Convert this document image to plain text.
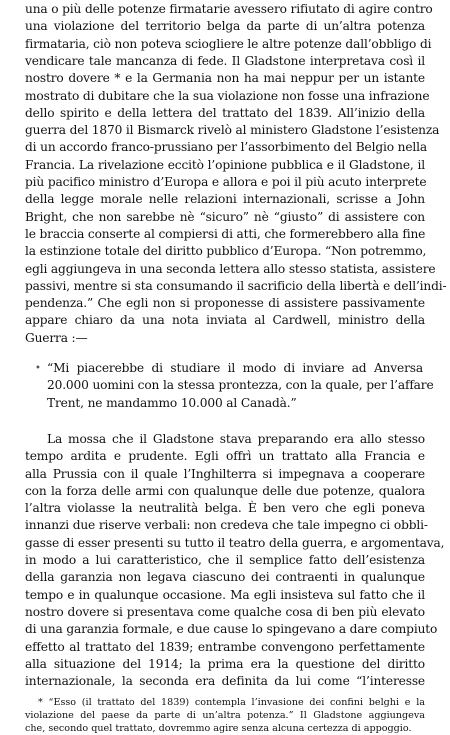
una o più delle potenze firmatarie avessero rifiutato di agire contro
una violazione del territorio belga da parte di un’altra potenza
firmataria, ciò non poteva sciogliere le altre potenze dall’obbligo di
vendicare tale mancanza di fede. Il Gladstone interpretava così il
nostro dovere * e la Germania non ha mai neppur per un istante
mostrato di dubitare che la sua violazione non fosse una infrazione
dello spirito e della lettera del trattato del 1839. All’inizio della
guerra del 1870 il Bismarck rivelò al ministero Gladstone l’esistenza
di un accordo franco-prussiano per l’assorbimento del Belgio nella
Francia. La rivelazione eccitò l’opinione pubblica e il Gladstone, il
più pacifico ministro d’Europa e allora e poi il più acuto interprete
della legge morale nelle relazioni internazionali, scrisse a John
Bright, che non sarebbe nè “sicuro” nè “giusto” di assistere con
le braccia conserte al compiersi di atti, che formerebbero alla fine
la estinzione totale del diritto pubblico d’Europa. “Non potremmo,
egli aggiungeva in una seconda lettera allo stesso statista, assistere
passivi, mentre si sta consumando il sacrificio della libertà e dell’indi-
pendenza.” Che egli non si proponesse di assistere passivamente
appare chiaro da una nota inviata al Cardwell, ministro della
Guerra :—
• “Mi piacerebbe di studiare il modo di inviare ad Anversa
20.000 uomini con la stessa prontezza, con la quale, per l’affare
Trent, ne mandammo 10.000 al Canadà.”
La mossa che il Gladstone stava preparando era allo stesso
tempo ardita e prudente. Egli offrì un trattato alla Francia e
alla Prussia con il quale l’Inghilterra si impegnava a cooperare
con la forza delle armi con qualunque delle due potenze, qualora
l’altra violasse la neutralità belga. È ben vero che egli poneva
innanzi due riserve verbali: non credeva che tale impegno ci obbli-
gasse di esser presenti su tutto il teatro della guerra, e argomentava,
in modo a lui caratteristico, che il semplice fatto dell’esistenza
della garanzia non legava ciascuno dei contraenti in qualunque
tempo e in qualunque occasione. Ma egli insisteva sul fatto che il
nostro dovere si presentava come qualche cosa di ben più elevato
di una garanzia formale, e due cause lo spingevano a dare compiuto
effetto al trattato del 1839; entrambe convengono perfettamente
alla situazione del 1914; la prima era la questione del diritto
internazionale, la seconda era definita da lui come “l’interesse
* “Esso (il trattato del 1839) contempla l’invasione dei confini belghi e la
violazione del paese da parte di un’altra potenza.” Il Gladstone aggiungeva
che, secondo quel trattato, dovremmo agire senza alcuna certezza di appoggio.
